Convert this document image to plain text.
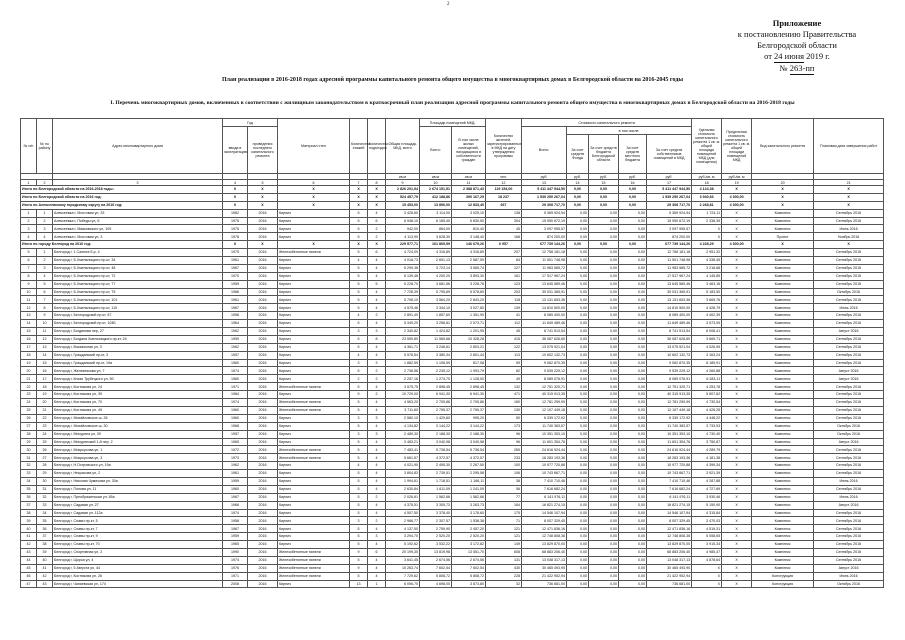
2
Приложение
к постановлению Правительства
Белгородской области
от 24 июня 2019 г.
№ 263-пп
План реализации в 2016-2018 годах адресной программы капитального ремонта общего имущества в многоквартирных домах в Белгородской области на 2016-2045 годы
I. Перечень многоквартирных домов, включенных в соответствии с жилищным законодательством в краткосрочный план реализации адресной программы капитального ремонта общего имущества в многоквартирных домах в Белгородской области на 2016-2018 годы
№ п/п	№ по району	Адрес многоквартирного дома	Год		Материал стен	Количество этажей	Количество подъездов	Общая площадь МКД, всего	Площадь помещений МКД:		Количество жителей, зарегистрированных в МКД на дату утверждения программы	Стоимость капитального ремонта					Удельная стоимость капитального ремонта 1 кв. м. общей площади помещений МКД (для помещения)	Предельная стоимость капитального ремонта 1 кв. м. общей площади помещений МКД	Вид капитального ремонта	Плановая дата завершения работ
			ввода в эксплуатацию	проведения последнего капитального ремонта					Всего:	В том числе жилых помещений, находящихся в собственности граждан		Всего:	в том числе:							
													За счет средств Фонда	За счет средств бюджета Белгородской области	За счет средств местного бюджета	За счет средств собственников помещений в МКД				
								кв.м	кв.м	кв.м	чел.	руб.	руб.	руб.	руб.	руб.	руб./кв. м	руб./кв. м		
1	2	3	4	5	6	7	8	9	10	11	12	13	14	15	16	17	18	19	20	21
Итого по Белгородской области на 2016-2018 годы:			X	X	X	X	X	2 826 201,54	2 674 151,51	2 388 871,43	119 154,00	5 411 447 944,50	0,00	0,00	0,00	5 411 447 944,50	4 124,38	X	X	X
Итого по Белгородской области на 2016 год:			X	X	X	X	X	524 457,79	412 188,86	390 167,25	18 237	1 539 250 267,04	0,00	0,00	0,00	1 539 250 267,04	3 940,66	4 300,00	X	X
Итого по Алексеевскому городскому округу на 2016 год:			X	X	X	X	X	15 453,00	13 896,00	12 833,40	667	29 308 717,70	0,00	0,00	0,00	29 308 717,70	2 268,81	4 300,00	X	X
1	1	Алексеевка г, Мостовая ул, 33	1982	2016	Кирпич	5	4	3 428,60	3 114,00	3 025,10	138	5 369 924,94	0,00	0,00	0,00	5 369 924,94	1 724,11	X	Комплекс	Сентябрь 2016
2	2	Алексеевка г, Победы ул, 6	1975	2016	Кирпич	5	6	6 948,10	6 185,40	5 830,50	304	15 950 672,19	0,00	0,00	0,00	15 950 672,19	2 338,39	X	Комплекс	Сентябрь 2016
3	3	Алексеевка г, Маяковского ул, 109	1975	2016	Кирпич	5	2	942,00	864,00	810,40	45	3 097 955,57	0,00	0,00	0,00	3 097 955,57	X	X	Комплекс	Июнь 2016
4	4	Алексеевка г, Мостовая ул, 3	1978	2016	Кирпич	5	2	4 113,90	3 628,30	3 148,40	168	874 200,00	0,00	0,00	0,00	874 200,00	X	X	Проект	Ноябрь 2016
Итого по городу Белгород на 2016 год:			X	X	X	X	X	229 577,71	161 865,59	146 679,26	6 957	677 739 144,26	0,00	0,00	0,00	677 739 144,26	4 228,29	4 300,00	X	X
5	1	Белгород г, 1 Салюта б-р, 4	1975	2016	Железобетонные панели	5	6	4 724,09	4 316,89	4 316,89	207	12 758 181,18	0,00	0,00	0,00	12 758 181,18	2 951,32	X	Комплекс	Сентябрь 2016
6	2	Белгород г, Б.Хмельницкого пр-кт, 34	1961	2016	Кирпич	4	4	4 018,73	2 651,13	2 587,59	84	11 501 748,98	0,00	0,00	0,00	11 501 748,98	4 338,45	X	Комплекс	Сентябрь 2016
7	3	Белгород г, Б.Хмельницкого пр-кт, 48	1967	2016	Кирпич	5	4	5 299,38	3 723,14	3 565,74	127	11 983 585,72	0,00	0,00	0,00	11 983 585,72	3 218,68	X	Комплекс	Сентябрь 2016
8	4	Белгород г, Б.Хмельницкого пр-кт, 72	1970	2016	Кирпич	5	4	6 139,48	4 200,20	3 893,30	161	17 517 967,24	0,00	0,00	0,00	17 517 967,24	4 145,89	X	Комплекс	Сентябрь 2016
9	5	Белгород г, Б.Хмельницкого пр-кт, 77	1959	2016	Кирпич	5	5	5 228,70	3 681,56	3 228,76	123	13 645 589,46	0,00	0,00	0,00	13 645 589,46	3 463,16	X	Комплекс	Сентябрь 2016
10	6	Белгород г, Б.Хмельницкого пр-кт, 79	1986	2016	Кирпич	5	4	7 726,39	5 795,69	5 578,69	203	30 031 365,91	0,00	0,00	0,00	30 031 365,91	5 183,50	X	Комплекс	Октябрь 2016
11	7	Белгород г, Б.Хмельницкого пр-кт, 101	1961	2016	Кирпич	5	4	5 708,10	3 564,20	2 843,20	118	13 131 653,36	0,00	0,00	0,00	13 131 653,36	3 665,76	X	Комплекс	Сентябрь 2016
12	8	Белгород г, Б.Хмельницкого пр-кт, 110	1967	2016	Кирпич	5	4	4 575,46	3 344,10	3 027,80	139	14 810 500,00	0,00	0,00	0,00	14 810 500,00	4 428,79	X	Комплекс	Июнь 2016
13	9	Белгород г, Белгородский пр-кт, 67	1958	2016	Кирпич	4	2	2 891,40	1 857,60	1 351,90	41	8 089 400,00	0,00	0,00	0,00	8 089 400,00	4 402,39	X	Комплекс	Сентябрь 2016
14	10	Белгород г, Белгородский пр-кт, 104Б	1964	2016	Кирпич	5	4	5 349,20	3 256,81	2 573,71	112	11 649 489,46	0,00	0,00	0,00	11 649 489,46	3 573,09	X	Комплекс	Сентябрь 2016
15	11	Белгород г, Богданова пер, 27	1962	2016	Кирпич	3	3	2 340,82	1 424,82	1 201,95	45	8 741 513,54	0,00	0,00	0,00	8 741 513,54	6 008,41	X	Комплекс	Август 2016
16	12	Белгород г, Богдана Хмельницкого пр-кт, 24	1959	2016	Кирпич	5	8	23 590,80	11 565,68	10 328,28	415	36 087 626,60	0,00	0,00	0,00	36 087 626,60	3 669,71	X	Комплекс	Сентябрь 2016
17	13	Белгород г, Вокзальная ул, 3	1962	2016	Кирпич	5	4	4 361,71	3 246,61	2 803,21	122	13 075 921,04	0,00	0,00	0,00	13 075 921,04	4 026,95	X	Комплекс	Сентябрь 2016
18	14	Белгород г, Гражданский пр-кт, 3	1957	2016	Кирпич	4	4	5 576,54	3 380,34	2 801,44	113	10 602 132,73	0,00	0,00	0,00	10 602 132,73	3 163,24	X	Комплекс	Сентябрь 2016
19	15	Белгород г, Гражданский пр-кт, 19а	1960	2016	Кирпич	3	3	1 882,59	1 106,59	817,08	59	9 062 870,35	0,00	0,00	0,00	9 062 870,35	8 189,91	X	Комплекс	Сентябрь 2016
20	16	Белгород г, Железнякова ул, 7	1974	2016	Кирпич	5	2	2 736,56	2 239,12	1 993,79	82	9 539 229,12	0,00	0,00	0,00	9 539 229,12	4 260,88	X	Комплекс	Август 2016
21	17	Белгород г, Князя Трубецкого ул, 50	1960	2016	Кирпич	2	2	2 257,16	1 274,70	1 128,00	49	8 089 076,91	0,00	0,00	0,00	8 089 076,91	6 283,11	X	Комплекс	Август 2016
22	18	Белгород г, Костюкова ул, 24	1971	2016	Железобетонные панели	5	4	3 575,75	2 898,45	2 898,45	132	12 751 320,71	0,00	0,00	0,00	12 751 320,71	4 253,78	X	Комплекс	Сентябрь 2016
23	19	Белгород г, Костюкова ул, 39	1984	2016	Кирпич	9	2	10 729,00	6 941,30	6 941,30	471	40 315 913,35	0,00	0,00	0,00	40 315 913,35	5 807,62	X	Комплекс	Сентябрь 2016
24	20	Белгород г, Костюкова ул, 70	1974	2016	Железобетонные панели	5	4	4 563,20	2 705,86	2 705,86	160	12 781 259,99	0,00	0,00	0,00	12 781 259,99	4 730,54	X	Комплекс	Сентябрь 2016
25	21	Белгород г, Костюкова ул, 49	1960	2016	Железобетонные панели	5	4	3 711,60	2 755,37	2 755,37	130	12 107 449,18	0,00	0,00	0,00	12 107 449,18	4 426,25	X	Комплекс	Сентябрь 2016
26	22	Белгород г, Михайловское ш, 26	1960	2016	Кирпич	3	3	2 580,10	1 429,60	995,20	50	6 339 172,92	0,00	0,00	0,00	6 339 172,92	4 448,22	X	Комплекс	Сентябрь 2016
27	23	Белгород г, Михайловское ш, 30	1968	2016	Кирпич	5	4	4 134,82	3 144,22	3 144,22	173	11 740 383,57	0,00	0,00	0,00	11 740 383,57	3 733,93	X	Комплекс	Октябрь 2016
28	24	Белгород г, Мичурина ул, 39	1957	2016	Кирпич	3	3	2 489,30	2 188,30	2 188,30	96	10 351 353,10	0,00	0,00	0,00	10 351 353,10	4 730,40	X	Комплекс	Октябрь 2016
29	25	Белгород г, Мичуринский 1-й пер, 2	1965	2016	Кирпич	5	4	3 483,21	3 040,98	3 040,98	96	11 601 354,76	0,00	0,00	0,00	11 601 354,76	3 750,87	X	Комплекс	Август 2016
30	26	Белгород г, Мокроусова ул, 1	1972	2016	Железобетонные панели	5	4	7 483,41	5 738,54	5 738,54	265	24 616 924,44	0,00	0,00	0,00	24 616 924,44	4 289,79	X	Комплекс	Сентябрь 2016
31	27	Белгород г, Мокроусова ул, 3	1973	2016	Железобетонные панели	5	4	5 661,57	4 372,57	4 372,57	233	18 283 193,36	0,00	0,00	0,00	18 283 193,36	4 181,38	X	Комплекс	Сентябрь 2016
32	28	Белгород г, Н.Островского ул, 19а	1962	2016	Кирпич	4	4	4 021,90	2 495,30	2 267,50	100	10 977 720,88	0,00	0,00	0,00	10 977 720,88	4 399,34	X	Комплекс	Сентябрь 2016
33	29	Белгород г, Некрасова ул, 2	1961	2016	Кирпич	5	4	3 804,83	2 739,51	2 295,58	106	10 743 667,71	0,00	0,00	0,00	10 743 667,71	3 921,39	X	Комплекс	Сентябрь 2016
34	30	Белгород г, Николая Чумичова ул, 30а	1959	2016	Кирпич	5	4	1 994,61	1 718,51	1 166,11	38	7 410 710,46	0,00	0,00	0,00	7 410 710,46	4 287,88	X	Комплекс	Июнь 2016
35	31	Белгород г, Попова ул, 11	1960	2016	Кирпич	5	4	2 630,84	1 611,09	1 241,09	56	7 616 682,24	0,00	0,00	0,00	7 616 682,24	4 727,89	X	Комплекс	Сентябрь 2016
36	32	Белгород г, Преображенская ул, 65а	1967	2016	Кирпич	5	2	2 026,81	1 562,66	1 562,66	77	6 141 976,11	0,00	0,00	0,00	6 141 976,11	3 930,46	X	Комплекс	Июнь 2016
37	33	Белгород г, Садовая ул, 27	1966	2016	Кирпич	5	4	4 375,51	3 305,73	3 263,73	164	16 821 274,15	0,00	0,00	0,00	16 821 274,15	5 150,90	X	Комплекс	Август 2016
38	34	Белгород г, Садовая ул, 112а	1974	2016	Кирпич	5	4	4 507,50	3 378,40	3 178,60	175	14 546 107,94	0,00	0,00	0,00	14 546 107,94	4 315,84	X	Комплекс	Сентябрь 2016
39	35	Белгород г, Славы пр-кт, 5	1958	2016	Кирпич	3	2	2 966,77	2 307,57	1 538,38	71	8 007 329,45	0,00	0,00	0,00	8 007 329,45	3 470,03	X	Комплекс	Сентябрь 2016
40	36	Белгород г, Славы пр-кт, 7	1967	2016	Кирпич	5	4	4 137,50	2 759,90	2 457,20	121	12 471 836,16	0,00	0,00	0,00	12 471 836,16	4 519,31	X	Комплекс	Сентябрь 2016
41	37	Белгород г, Славы пр-кт, 9	1959	2016	Кирпич	5	3	3 294,70	2 520,20	2 520,20	121	12 748 808,38	0,00	0,00	0,00	12 748 808,38	5 058,65	X	Комплекс	Сентябрь 2016
42	38	Белгород г, Славы пр-кт, 70	1965	2016	Кирпич	5	4	5 192,62	3 532,22	3 172,82	149	13 829 870,00	0,00	0,00	0,00	13 829 870,00	3 915,34	X	Комплекс	Сентябрь 2016
43	39	Белгород г, Спортивная ул, 2	1990	2016	Железобетонные панели	9	6	20 199,30	13 819,98	13 551,70	608	68 883 206,40	0,00	0,00	0,00	68 883 206,40	4 985,47	X	Комплекс	Сентябрь 2016
44	40	Белгород г, Щорса ул, 4	1974	2016	Железобетонные панели	5	4	3 641,45	2 674,56	2 674,56	131	13 048 317,13	0,00	0,00	0,00	13 048 317,13	4 878,64	X	Комплекс	Сентябрь 2016
45	41	Белгород г, 5 Августа ул, 44	1976	2016	Железобетонные панели	9	4	10 263,74	7 602,54	7 602,54	430	30 465 493,90	0,00	0,00	0,00	30 465 493,90	X	X	Комплекс	Август 2016
46	42	Белгород г, Костюкова ул, 26	1971	2016	Железобетонные панели	5	4	7 729,62	5 808,72	5 808,72	228	21 422 952,94	0,00	0,00	0,00	21 422 952,94	X	X	Конструкция	Июнь 2016
47	43	Белгород г, Чапаевская ул, 174	2008	2016	Кирпич	13	1	6 096,70	4 698,00	3 873,80	32	736 681,00	0,00	0,00	0,00	736 681,00	X	X	Конструкция	Октябрь 2016
